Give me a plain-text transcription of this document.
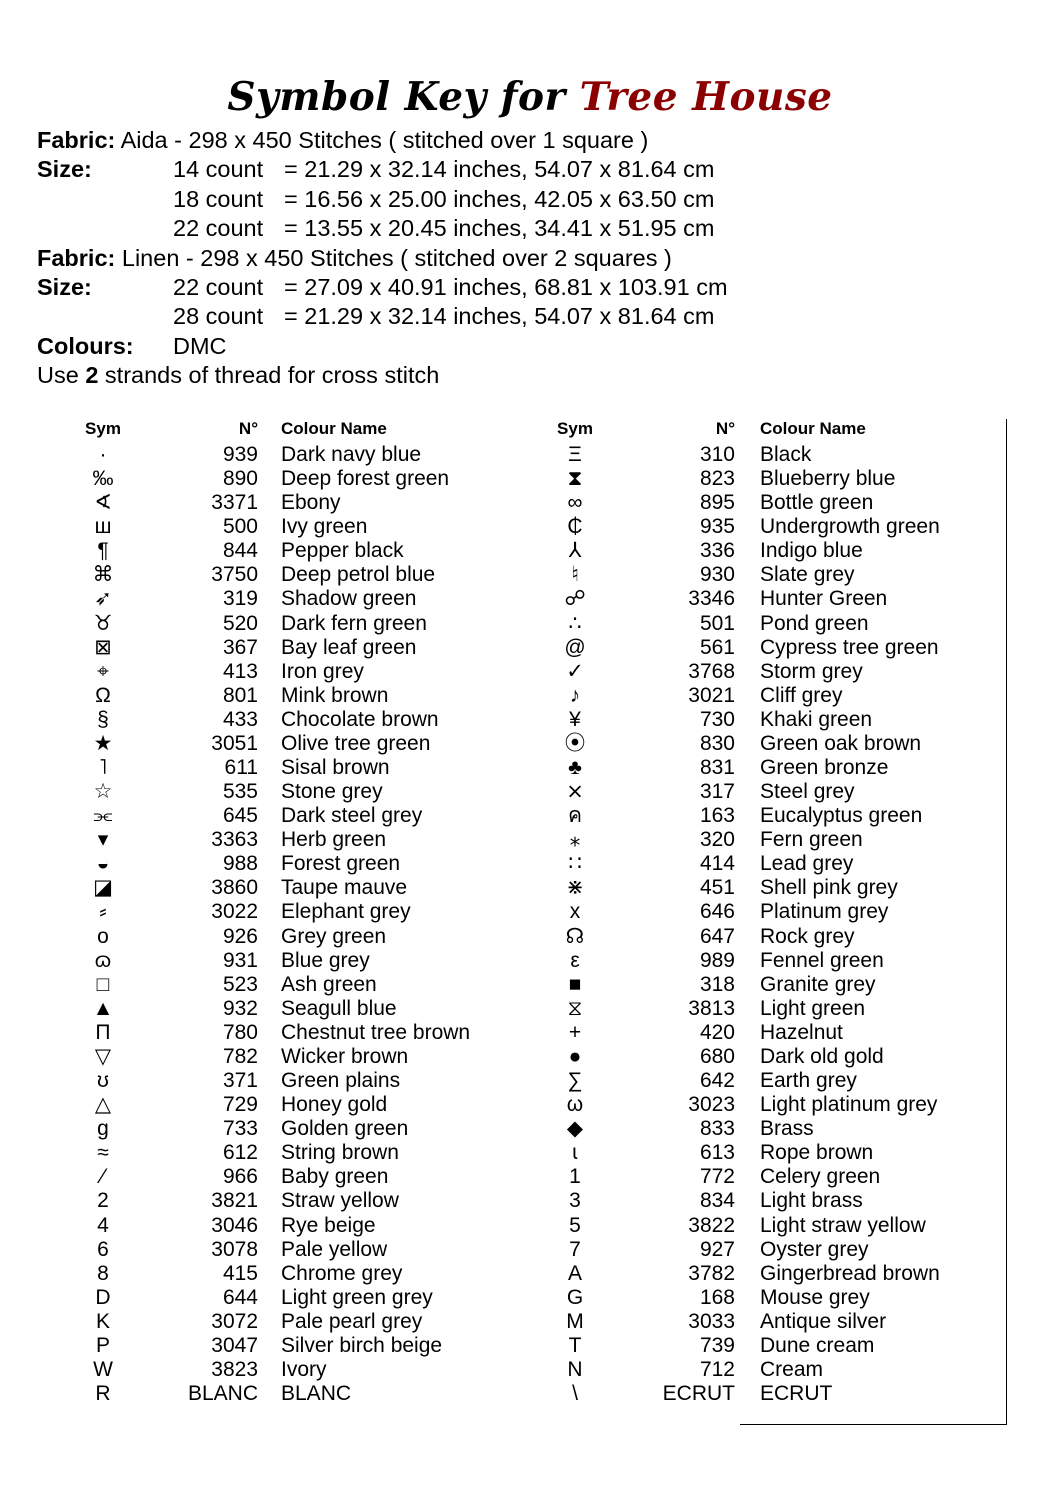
Symbol Key for Tree House
Fabric: Aida - 298 x 450 Stitches ( stitched over 1 square )
Size:	14 count = 21.29 x 32.14 inches, 54.07 x 81.64 cm
18 count = 16.56 x 25.00 inches, 42.05 x 63.50 cm
22 count = 13.55 x 20.45 inches, 34.41 x 51.95 cm
Fabric: Linen - 298 x 450 Stitches ( stitched over 2 squares )
Size:	22 count = 27.09 x 40.91 inches, 68.81 x 103.91 cm
28 count = 21.29 x 32.14 inches, 54.07 x 81.64 cm
Colours: DMC
Use 2 strands of thread for cross stitch
Sym	N° Colour Name
·	939 Dark navy blue
‰	890 Deep forest green
∢	3371 Ebony
ш	500 Ivy green
¶	844 Pepper black
⌘	3750 Deep petrol blue
➶	319 Shadow green
♉	520 Dark fern green
⊠	367 Bay leaf green
⌖	413 Iron grey
Ω	801 Mink brown
§	433 Chocolate brown
★	3051 Olive tree green
˥	611 Sisal brown
☆	535 Stone grey
⫘	645 Dark steel grey
▾	3363 Herb green
◒	988 Forest green
◪	3860 Taupe mauve
⸗	3022 Elephant grey
o	926 Grey green
ɷ	931 Blue grey
□	523 Ash green
▲	932 Seagull blue
Π	780 Chestnut tree brown
▽	782 Wicker brown
ʊ	371 Green plains
△	729 Honey gold
g	733 Golden green
≈	612 String brown
⁄	966 Baby green
2	3821 Straw yellow
4	3046 Rye beige
6	3078 Pale yellow
8	415 Chrome grey
D	644 Light green grey
K	3072 Pale pearl grey
P	3047 Silver birch beige
W	3823 Ivory
R	BLANC BLANC
Sym	N° Colour Name
Ξ	310 Black
⧗	823 Blueberry blue
∞	895 Bottle green
₵	935 Undergrowth green
⅄	336 Indigo blue
♮	930 Slate grey
☍	3346 Hunter Green
∴	501 Pond green
@	561 Cypress tree green
✓	3768 Storm grey
♪	3021 Cliff grey
¥	730 Khaki green
⦿	830 Green oak brown
♣	831 Green bronze
⨯	317 Steel grey
ค	163 Eucalyptus green
⁎	320 Fern green
∷	414 Lead grey
⋇	451 Shell pink grey
x	646 Platinum grey
☊	647 Rock grey
ε	989 Fennel green
■	318 Granite grey
⧖	3813 Light green
+	420 Hazelnut
●	680 Dark old gold
∑	642 Earth grey
ω	3023 Light platinum grey
◆	833 Brass
ɩ	613 Rope brown
1	772 Celery green
3	834 Light brass
5	3822 Light straw yellow
7	927 Oyster grey
A	3782 Gingerbread brown
G	168 Mouse grey
M	3033 Antique silver
T	739 Dune cream
N	712 Cream
\	ECRUT ECRUT
